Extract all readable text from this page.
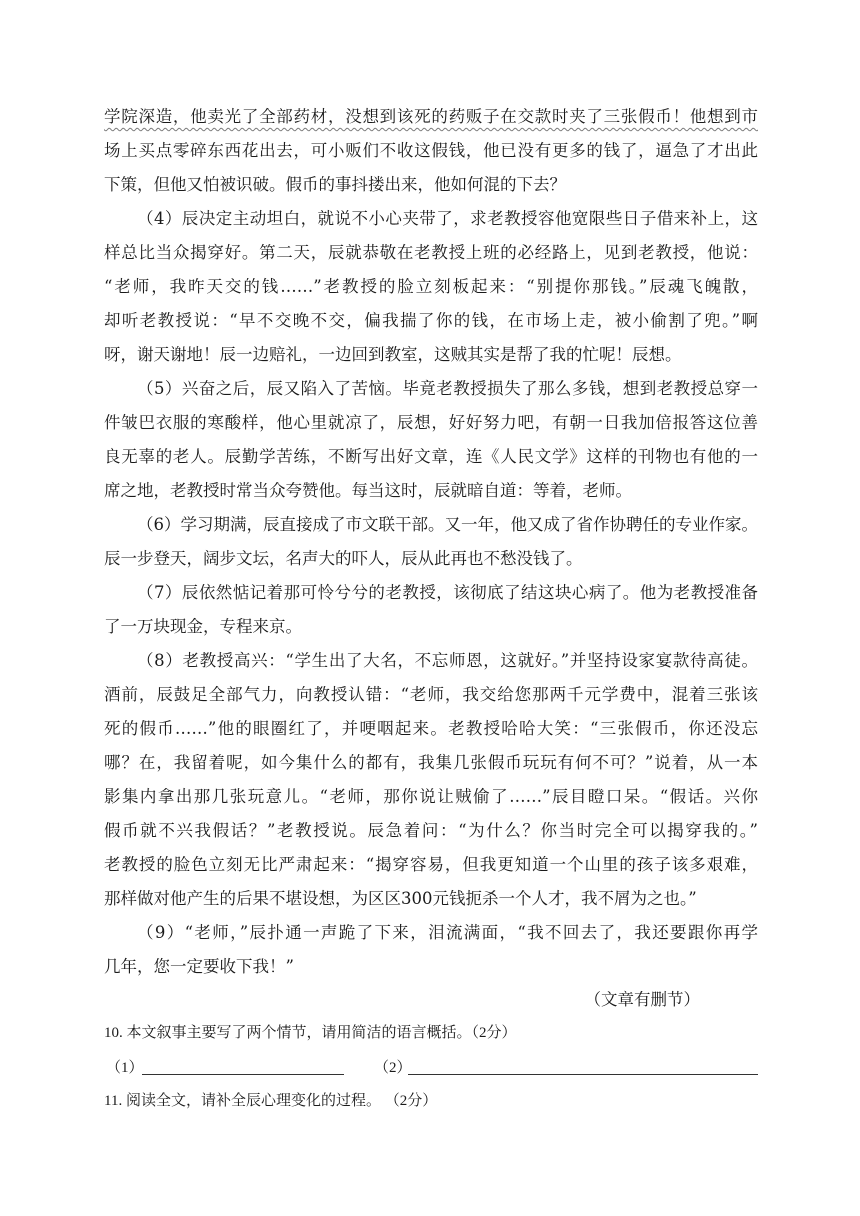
学院深造，他卖光了全部药材，没想到该死的药贩子在交款时夹了三张假币！他想到市
场上买点零碎东西花出去，可小贩们不收这假钱，他已没有更多的钱了，逼急了才出此
下策，但他又怕被识破。假币的事抖搂出来，他如何混的下去？
（4）辰决定主动坦白，就说不小心夹带了，求老教授容他宽限些日子借来补上，这
样总比当众揭穿好。第二天，辰就恭敬在老教授上班的必经路上，见到老教授，他说：
“老师，我昨天交的钱……”老教授的脸立刻板起来：“别提你那钱。”辰魂飞魄散，
却听老教授说：“早不交晚不交，偏我揣了你的钱，在市场上走，被小偷割了兜。”啊
呀，谢天谢地！辰一边赔礼，一边回到教室，这贼其实是帮了我的忙呢！辰想。
（5）兴奋之后，辰又陷入了苦恼。毕竟老教授损失了那么多钱，想到老教授总穿一
件皱巴衣服的寒酸样，他心里就凉了，辰想，好好努力吧，有朝一日我加倍报答这位善
良无辜的老人。辰勤学苦练，不断写出好文章，连《人民文学》这样的刊物也有他的一
席之地，老教授时常当众夸赞他。每当这时，辰就暗自道：等着，老师。
（6）学习期满，辰直接成了市文联干部。又一年，他又成了省作协聘任的专业作家。
辰一步登天，阔步文坛，名声大的吓人，辰从此再也不愁没钱了。
（7）辰依然惦记着那可怜兮兮的老教授，该彻底了结这块心病了。他为老教授准备
了一万块现金，专程来京。
（8）老教授高兴：“学生出了大名，不忘师恩，这就好。”并坚持设家宴款待高徒。
酒前，辰鼓足全部气力，向教授认错：“老师，我交给您那两千元学费中，混着三张该
死的假币……”他的眼圈红了，并哽咽起来。老教授哈哈大笑：“三张假币，你还没忘
哪？在，我留着呢，如今集什么的都有，我集几张假币玩玩有何不可？”说着，从一本
影集内拿出那几张玩意儿。“老师，那你说让贼偷了……”辰目瞪口呆。“假话。兴你
假币就不兴我假话？”老教授说。辰急着问：“为什么？你当时完全可以揭穿我的。”
老教授的脸色立刻无比严肃起来：“揭穿容易，但我更知道一个山里的孩子该多艰难，
那样做对他产生的后果不堪设想，为区区300元钱扼杀一个人才，我不屑为之也。”
（9）“老师，”辰扑通一声跪了下来，泪流满面，“我不回去了，我还要跟你再学
几年，您一定要收下我！”
（文章有删节）
10. 本文叙事主要写了两个情节，请用简洁的语言概括。（2分）
（1）	（2）
11. 阅读全文，请补全辰心理变化的过程。 （2分）
